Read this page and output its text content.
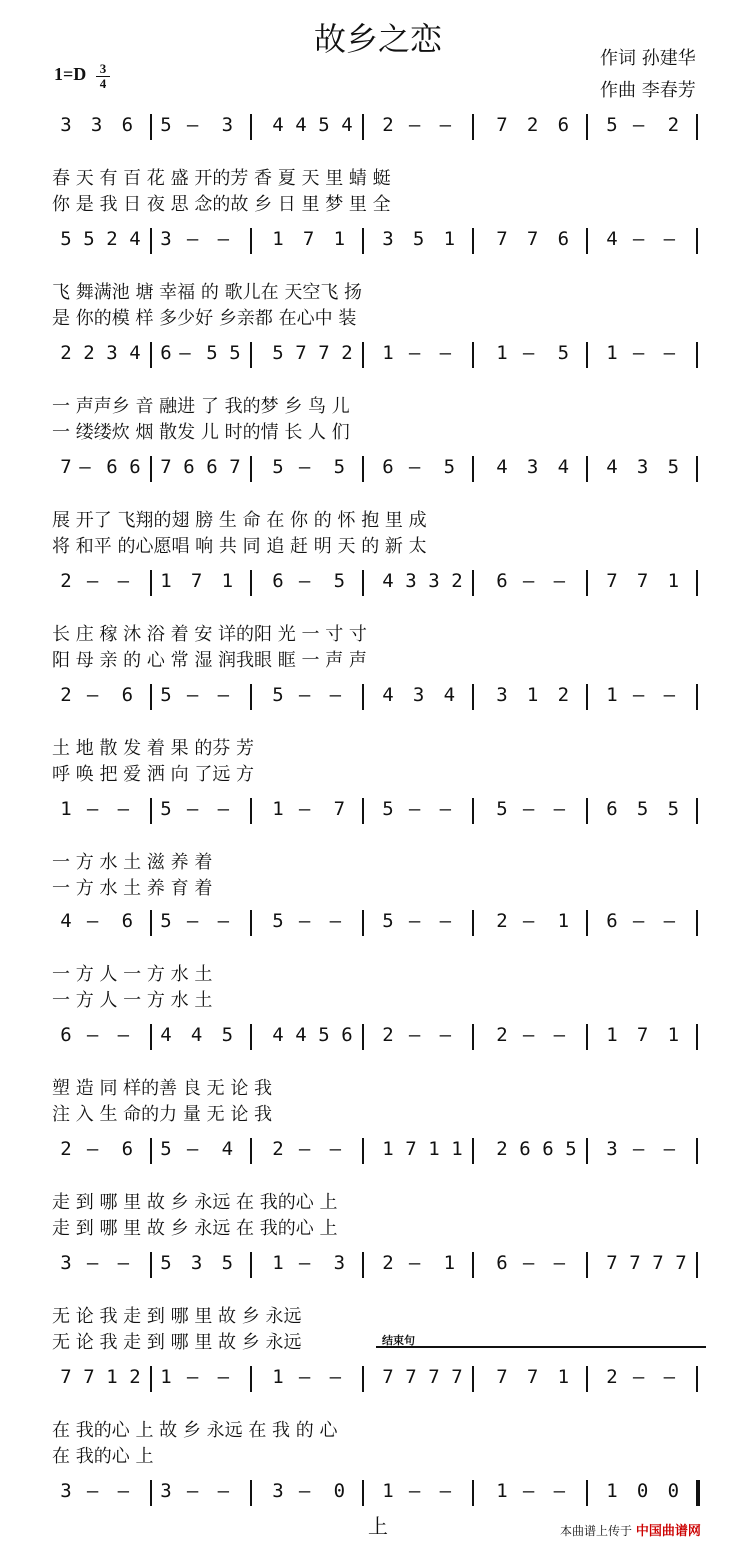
故乡之恋
作词 孙建华
作曲 李春芳
$1=D \frac{3}{4}$
3	3	6	5 –	3	4 4 5 4	2 – –	7	2	6	5 –	2
春 天 有 百 花 盛 开的芳 香 夏 天 里 蜻 蜓
你 是 我 日 夜 思 念的故 乡 日 里 梦 里 全
5 5 2 4	3 – –	1	7	1	3	5	1	7	7	6	4 – –
飞 舞满池 塘 幸福 的 歌儿在 天空飞 扬
是 你的模 样 多少好 乡亲都 在心中 装
2 2 3 4	6 – 5 5	5 7 7 2	1 – –	1 –	5	1 – –
一 声声乡 音 融进 了 我的梦 乡 鸟 儿
一 缕缕炊 烟 散发 儿 时的情 长 人 们
7 – 6 6	7 6 6 7	5 –	5	6 –	5	4	3	4	4	3	5
展 开了 飞翔的翅 膀 生 命 在 你 的 怀 抱 里 成
将 和平 的心愿唱 响 共 同 追 赶 明 天 的 新 太
2 – –	1	7	1	6 –	5	4 3 3 2	6 – –	7	7	1
长 庄 稼 沐 浴 着 安 详的阳 光 一 寸 寸
阳 母 亲 的 心 常 湿 润我眼 眶 一 声 声
2 –	6	5 – –	5 – –	4	3	4	3	1	2	1 – –
土 地 散 发 着 果 的芬 芳
呼 唤 把 爱 洒 向 了远 方
1 – –	5 – –	1 –	7	5 – –	5 – –	6	5	5
一 方 水 土 滋 养 着
一 方 水 土 养 育 着
4 –	6	5 – –	5 – –	5 – –	2 –	1	6 – –
一 方 人 一 方 水 土
一 方 人 一 方 水 土
6 – –	4	4	5	4 4 5 6	2 – –	2 – –	1	7	1
塑 造 同 样的善 良 无 论 我
注 入 生 命的力 量 无 论 我
2 –	6	5 –	4	2 – –	1 7 1 1	2 6 6 5	3 – –
走 到 哪 里 故 乡 永远 在 我的心 上
走 到 哪 里 故 乡 永远 在 我的心 上
3 – –	5	3	5	1 –	3	2 –	1	6 – –	7 7 7 7
无 论 我 走 到 哪 里 故 乡 永远
无 论 我 走 到 哪 里 故 乡 永远
7 7 1 2	1 – –	1 – –	7 7 7 7	7	7	1	2 – –
在 我的心 上 故 乡 永远 在 我 的 心
在 我的心 上
3 – –	3 – –	3 –	0	1 – –	1 – –	1	0	0
结束句
上	本曲谱上传于 中国曲谱网
